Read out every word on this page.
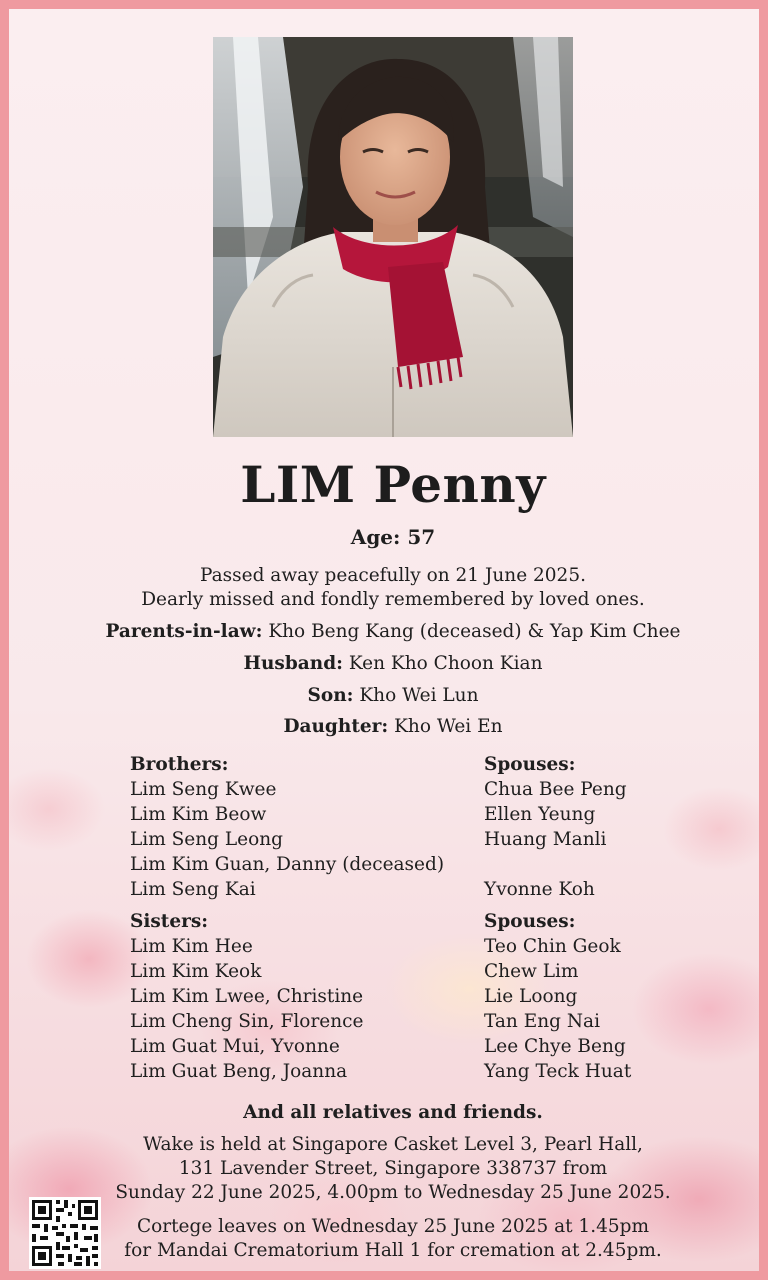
LIM Penny
Age: 57
Passed away peacefully on 21 June 2025.
Dearly missed and fondly remembered by loved ones.
Parents-in-law: Kho Beng Kang (deceased) & Yap Kim Chee
Husband: Ken Kho Choon Kian
Son: Kho Wei Lun
Daughter: Kho Wei En
Brothers:
Lim Seng Kwee
Lim Kim Beow
Lim Seng Leong
Lim Kim Guan, Danny (deceased)
Lim Seng Kai
Spouses:
Chua Bee Peng
Ellen Yeung
Huang Manli
Yvonne Koh
Sisters:
Lim Kim Hee
Lim Kim Keok
Lim Kim Lwee, Christine
Lim Cheng Sin, Florence
Lim Guat Mui, Yvonne
Lim Guat Beng, Joanna
Spouses:
Teo Chin Geok
Chew Lim
Lie Loong
Tan Eng Nai
Lee Chye Beng
Yang Teck Huat
And all relatives and friends.
Wake is held at Singapore Casket Level 3, Pearl Hall,
131 Lavender Street, Singapore 338737 from
Sunday 22 June 2025, 4.00pm to Wednesday 25 June 2025.
Cortege leaves on Wednesday 25 June 2025 at 1.45pm
for Mandai Crematorium Hall 1 for cremation at 2.45pm.
